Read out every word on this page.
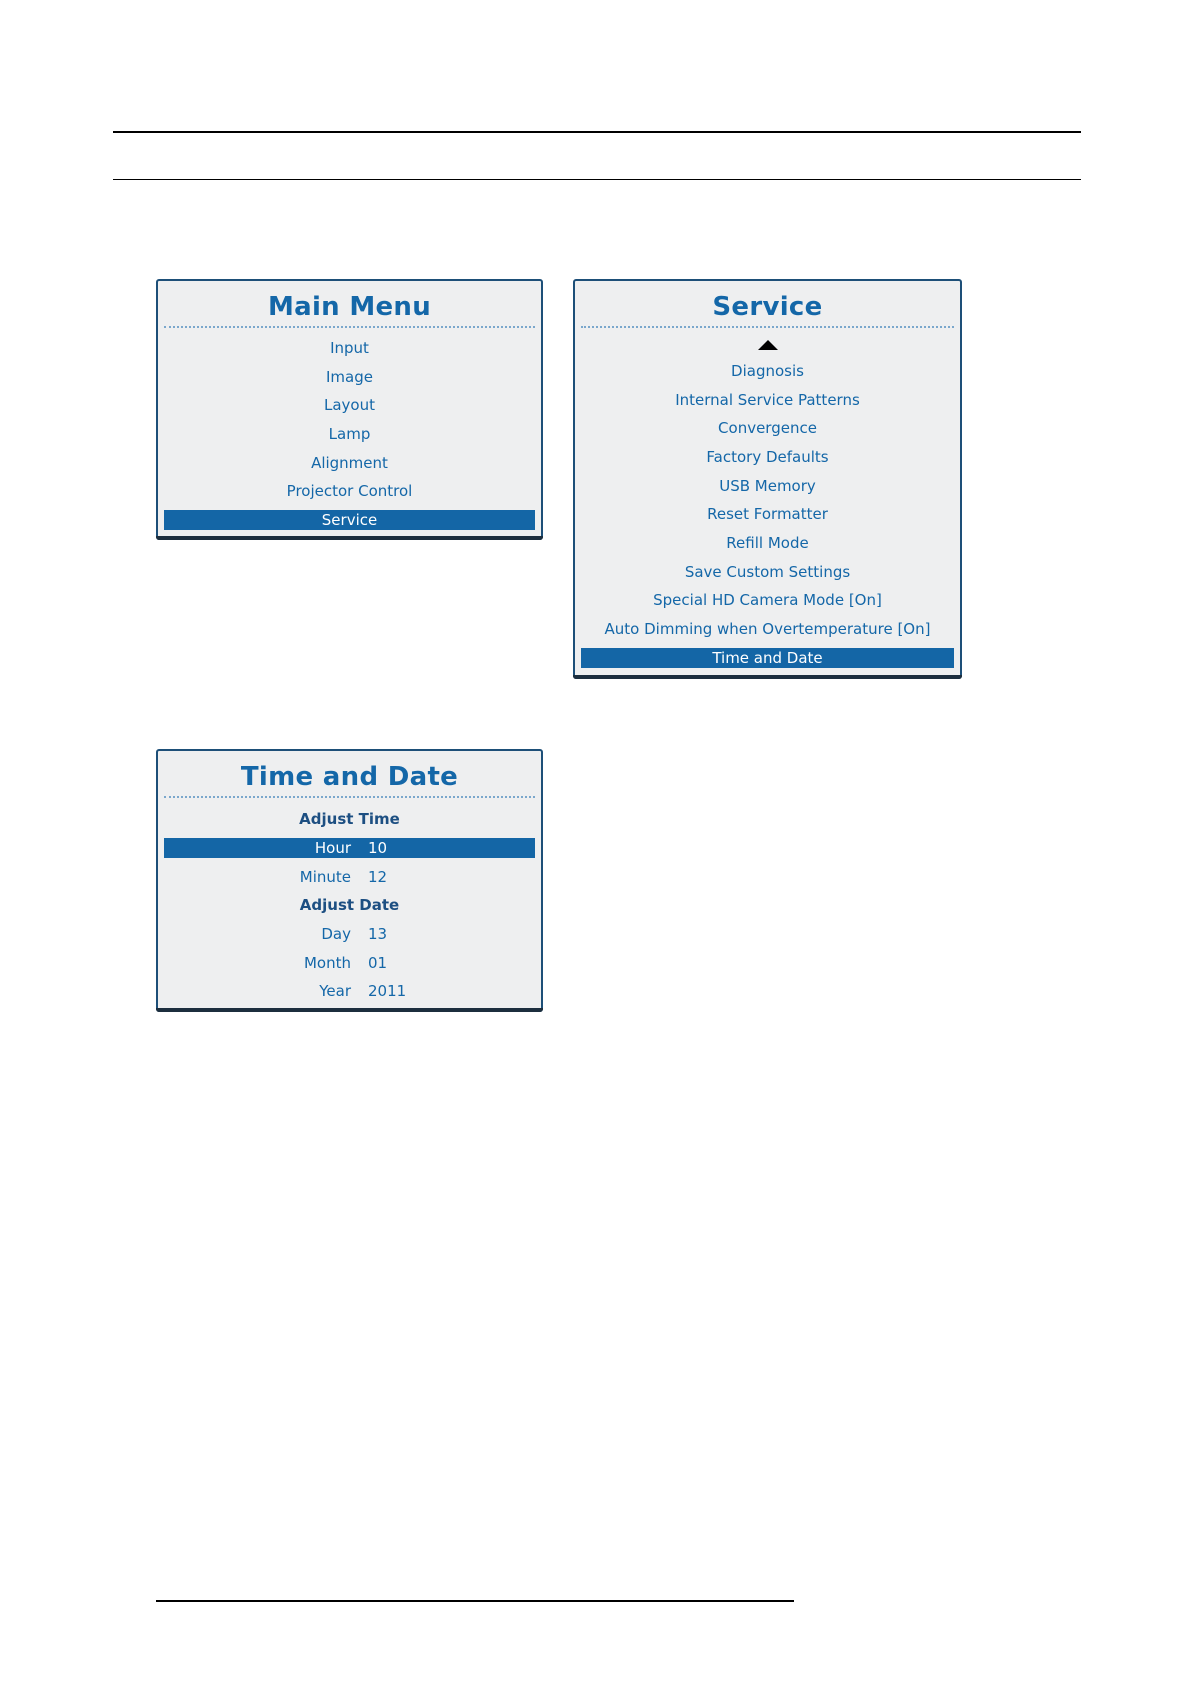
Main Menu
Input
Image
Layout
Lamp
Alignment
Projector Control
Service
Service
Diagnosis
Internal Service Patterns
Convergence
Factory Defaults
USB Memory
Reset Formatter
Refill Mode
Save Custom Settings
Special HD Camera Mode [On]
Auto Dimming when Overtemperature [On]
Time and Date
Time and Date
Adjust Time
Hour 10
Minute 12
Adjust Date
Day 13
Month 01
Year 2011
